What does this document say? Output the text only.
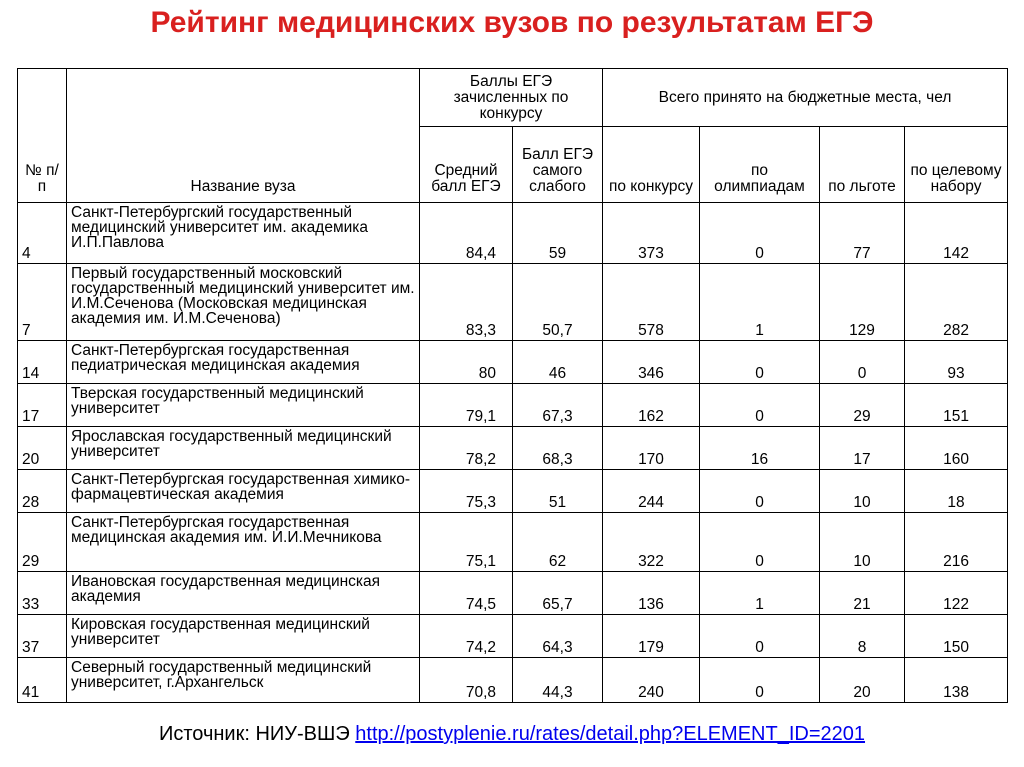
Рейтинг медицинских вузов по результатам ЕГЭ
№ п/п	Название вуза	Баллы ЕГЭ зачисленных по конкурсу		Всего принято на бюджетные места, чел			
		Средний балл ЕГЭ	Балл ЕГЭ самого слабого	по конкурсу	по олимпиадам	по льготе	по целевому набору
4	Санкт-Петербургский государственный медицинский университет им. академика И.П.Павлова	84,4	59	373	0	77	142
7	Первый государственный московский государственный медицинский университет им. И.М.Сеченова (Московская медицинская академия им. И.М.Сеченова)	83,3	50,7	578	1	129	282
14	Санкт-Петербургская государственная педиатрическая медицинская академия	80	46	346	0	0	93
17	Тверская государственный медицинский университет	79,1	67,3	162	0	29	151
20	Ярославская государственный медицинский университет	78,2	68,3	170	16	17	160
28	Санкт-Петербургская государственная химико-фармацевтическая академия	75,3	51	244	0	10	18
29	Санкт-Петербургская государственная медицинская академия им. И.И.Мечникова	75,1	62	322	0	10	216
33	Ивановская государственная медицинская академия	74,5	65,7	136	1	21	122
37	Кировская государственная медицинский университет	74,2	64,3	179	0	8	150
41	Северный государственный медицинский университет, г.Архангельск	70,8	44,3	240	0	20	138
Источник: НИУ-ВШЭ http://postyplenie.ru/rates/detail.php?ELEMENT_ID=2201
